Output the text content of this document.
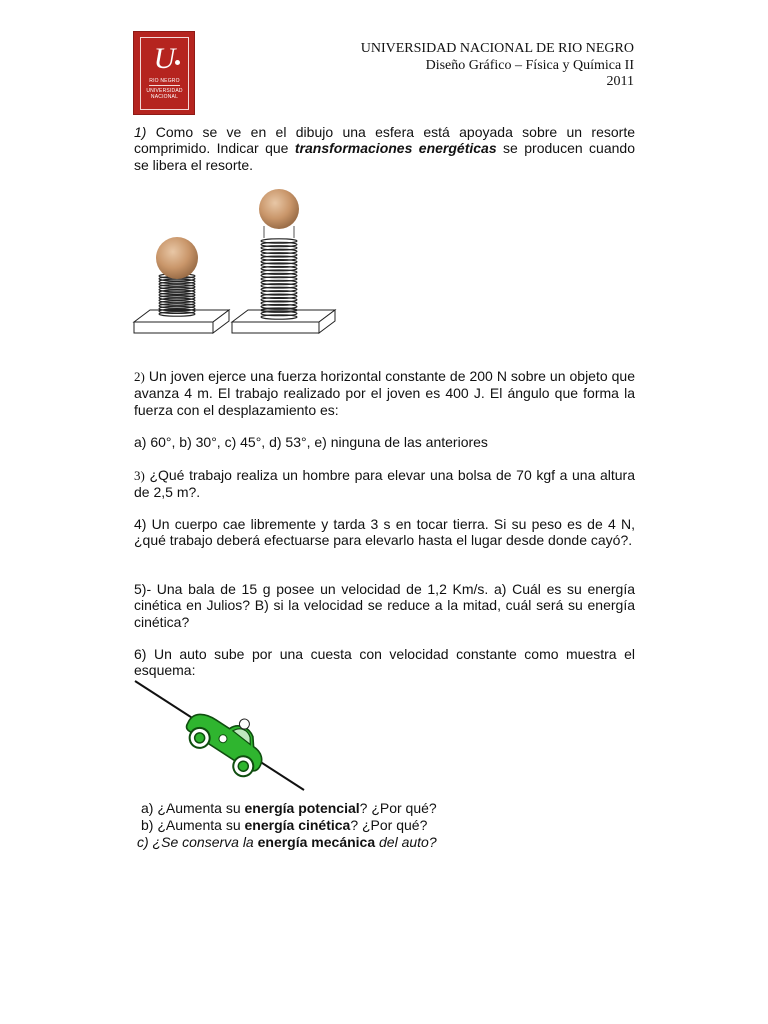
U
RIO NEGRO
UNIVERSIDAD
NACIONAL
UNIVERSIDAD NACIONAL DE RIO NEGRO
Diseño Gráfico – Física y Química II
2011
1) Como se ve en el dibujo una esfera está apoyada sobre un resorte comprimido. Indicar que transformaciones energéticas se producen cuando se libera el resorte.
2) Un joven ejerce una fuerza horizontal constante de 200 N sobre un objeto que avanza 4 m. El trabajo realizado por el joven es 400 J. El ángulo que forma la fuerza con el desplazamiento es:
a) 60°, b) 30°, c) 45°, d) 53°, e) ninguna de las anteriores
3) ¿Qué trabajo realiza un hombre para elevar una bolsa de 70 kgf a una altura de 2,5 m?.
4) Un cuerpo cae libremente y tarda 3 s en tocar tierra. Si su peso es de 4 N, ¿qué trabajo deberá efectuarse para elevarlo hasta el lugar desde donde cayó?.
5)- Una bala de 15 g posee un velocidad de 1,2 Km/s. a) Cuál es su energía cinética en Julios? B) si la velocidad se reduce a la mitad, cuál será su energía cinética?
6) Un auto sube por una cuesta con velocidad constante como muestra el esquema:
a) ¿Aumenta su energía potencial? ¿Por qué?
b) ¿Aumenta su energía cinética? ¿Por qué?
c) ¿Se conserva la energía mecánica del auto?
